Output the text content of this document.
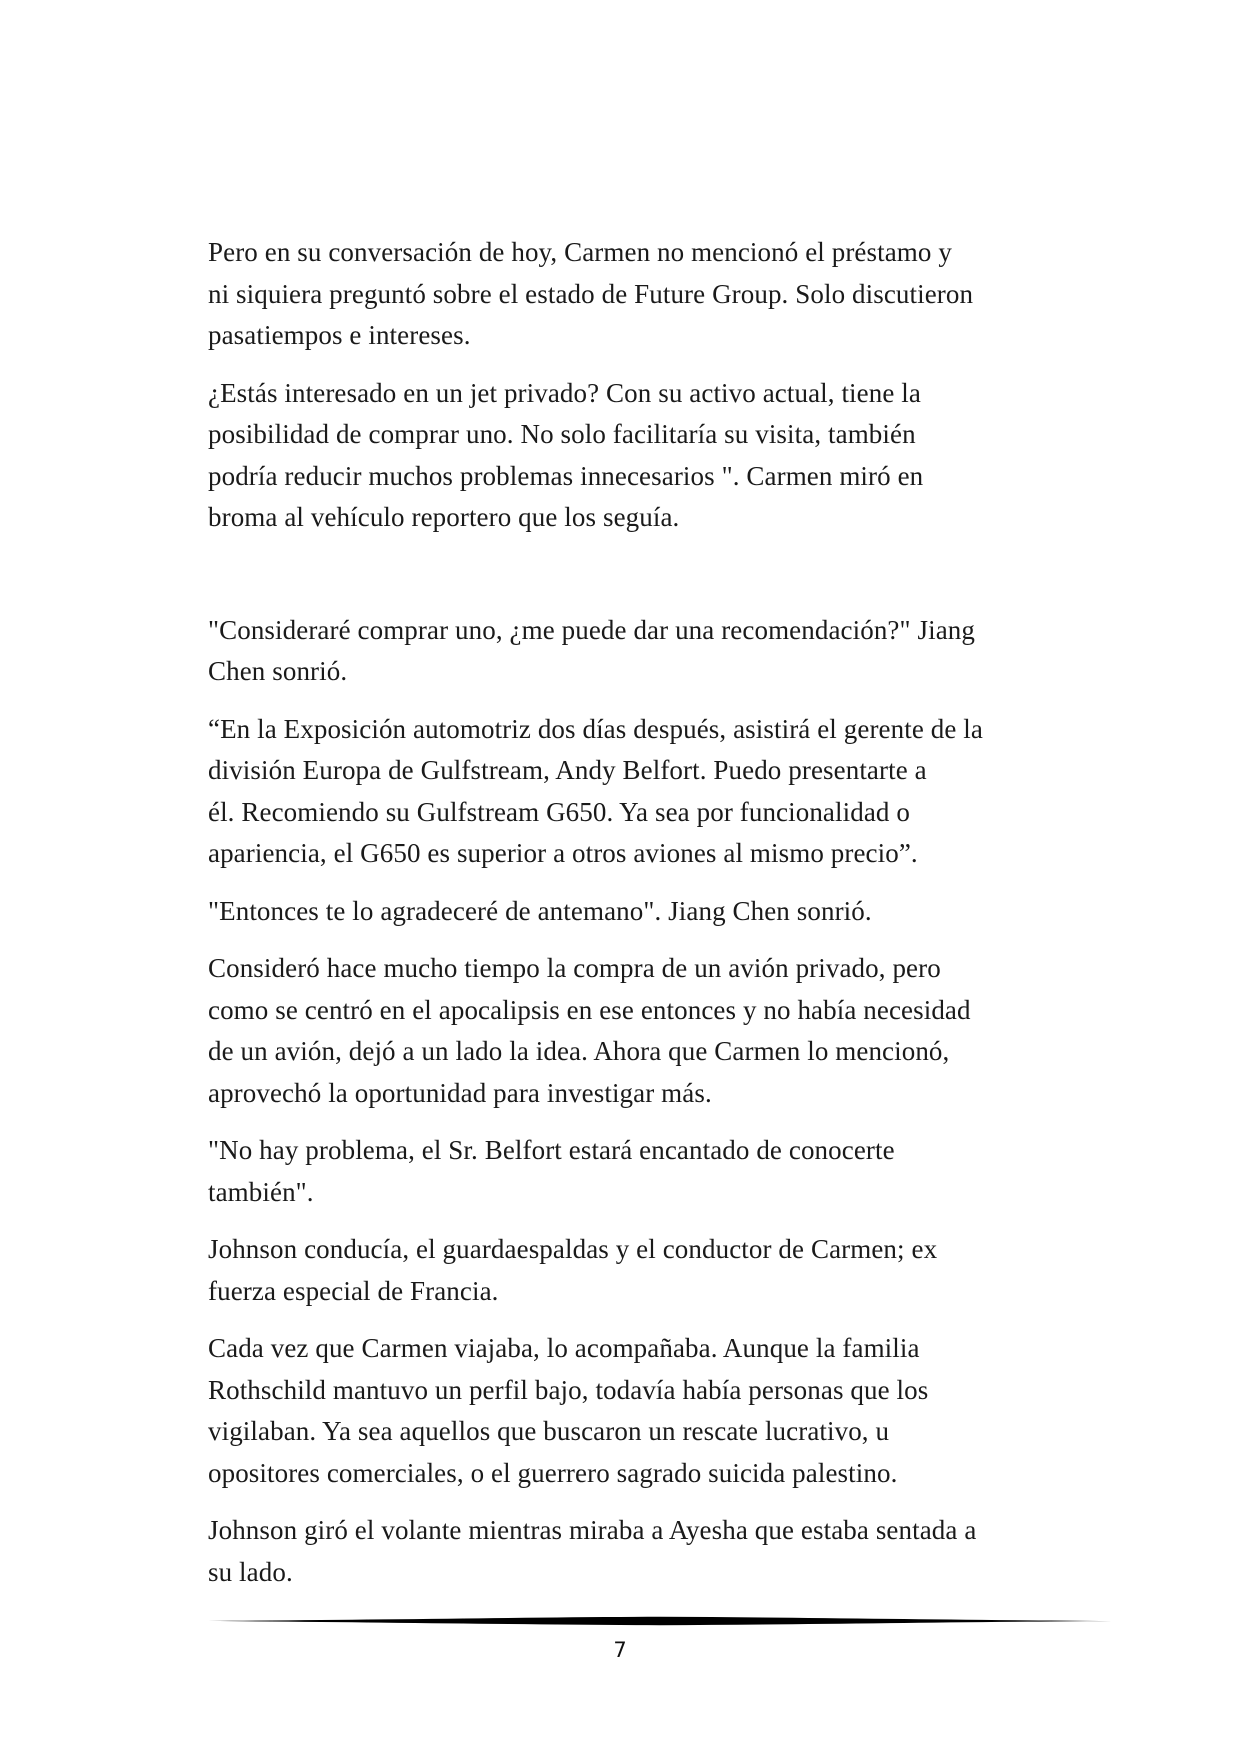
Pero en su conversación de hoy, Carmen no mencionó el préstamo y
ni siquiera preguntó sobre el estado de Future Group. Solo discutieron
pasatiempos e intereses.

¿Estás interesado en un jet privado? Con su activo actual, tiene la
posibilidad de comprar uno. No solo facilitaría su visita, también
podría reducir muchos problemas innecesarios ". Carmen miró en
broma al vehículo reportero que los seguía.

"Consideraré comprar uno, ¿me puede dar una recomendación?" Jiang
Chen sonrió.

“En la Exposición automotriz dos días después, asistirá el gerente de la
división Europa de Gulfstream, Andy Belfort. Puedo presentarte a
él. Recomiendo su Gulfstream G650. Ya sea por funcionalidad o
apariencia, el G650 es superior a otros aviones al mismo precio”.

"Entonces te lo agradeceré de antemano". Jiang Chen sonrió.

Consideró hace mucho tiempo la compra de un avión privado, pero
como se centró en el apocalipsis en ese entonces y no había necesidad
de un avión, dejó a un lado la idea. Ahora que Carmen lo mencionó,
aprovechó la oportunidad para investigar más.

"No hay problema, el Sr. Belfort estará encantado de conocerte
también".

Johnson conducía, el guardaespaldas y el conductor de Carmen; ex
fuerza especial de Francia.

Cada vez que Carmen viajaba, lo acompañaba. Aunque la familia
Rothschild mantuvo un perfil bajo, todavía había personas que los
vigilaban. Ya sea aquellos que buscaron un rescate lucrativo, u
opositores comerciales, o el guerrero sagrado suicida palestino.

Johnson giró el volante mientras miraba a Ayesha que estaba sentada a
su lado.

7
